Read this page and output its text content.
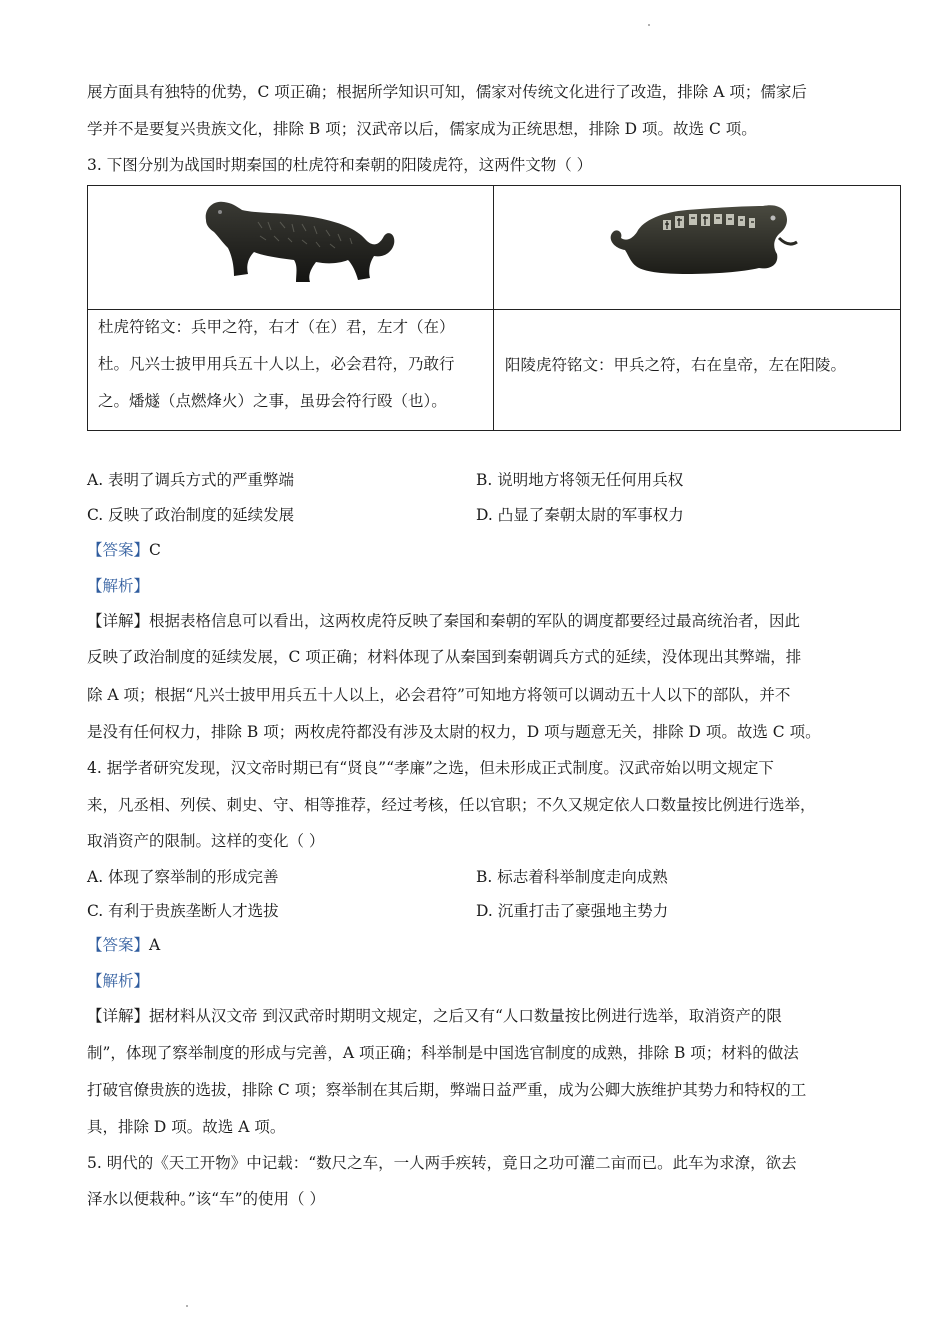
展方面具有独特的优势，C 项正确；根据所学知识可知，儒家对传统文化进行了改造，排除 A 项；儒家后
学并不是要复兴贵族文化，排除 B 项；汉武帝以后，儒家成为正统思想，排除 D 项。故选 C 项。
3. 下图分别为战国时期秦国的杜虎符和秦朝的阳陵虎符，这两件文物（ ）
杜虎符铭文：兵甲之符，右才（在）君，左才（在）
杜。凡兴士披甲用兵五十人以上，必会君符，乃敢行
之。燔燧（点燃烽火）之事，虽毋会符行殴（也）。
阳陵虎符铭文：甲兵之符，右在皇帝，左在阳陵。
A. 表明了调兵方式的严重弊端	B. 说明地方将领无任何用兵权
C. 反映了政治制度的延续发展	D. 凸显了秦朝太尉的军事权力
【答案】C
【解析】
【详解】根据表格信息可以看出，这两枚虎符反映了秦国和秦朝的军队的调度都要经过最高统治者，因此
反映了政治制度的延续发展，C 项正确；材料体现了从秦国到秦朝调兵方式的延续，没体现出其弊端，排
除 A 项；根据“凡兴士披甲用兵五十人以上，必会君符”可知地方将领可以调动五十人以下的部队，并不
是没有任何权力，排除 B 项；两枚虎符都没有涉及太尉的权力，D 项与题意无关，排除 D 项。故选 C 项。
4. 据学者研究发现，汉文帝时期已有“贤良”“孝廉”之选，但未形成正式制度。汉武帝始以明文规定下
来，凡丞相、列侯、刺史、守、相等推荐，经过考核，任以官职；不久又规定依人口数量按比例进行选举，
取消资产的限制。这样的变化（ ）
A. 体现了察举制的形成完善	B. 标志着科举制度走向成熟
C. 有利于贵族垄断人才选拔	D. 沉重打击了豪强地主势力
【答案】A
【解析】
【详解】据材料从汉文帝 到汉武帝时期明文规定，之后又有“人口数量按比例进行选举，取消资产的限
制”，体现了察举制度的形成与完善，A 项正确；科举制是中国选官制度的成熟，排除 B 项；材料的做法
打破官僚贵族的选拔，排除 C 项；察举制在其后期，弊端日益严重，成为公卿大族维护其势力和特权的工
具，排除 D 项。故选 A 项。
5. 明代的《天工开物》中记载：“数尺之车，一人两手疾转，竟日之功可灌二亩而已。此车为求潦，欲去
泽水以便栽种。”该“车”的使用（ ）
